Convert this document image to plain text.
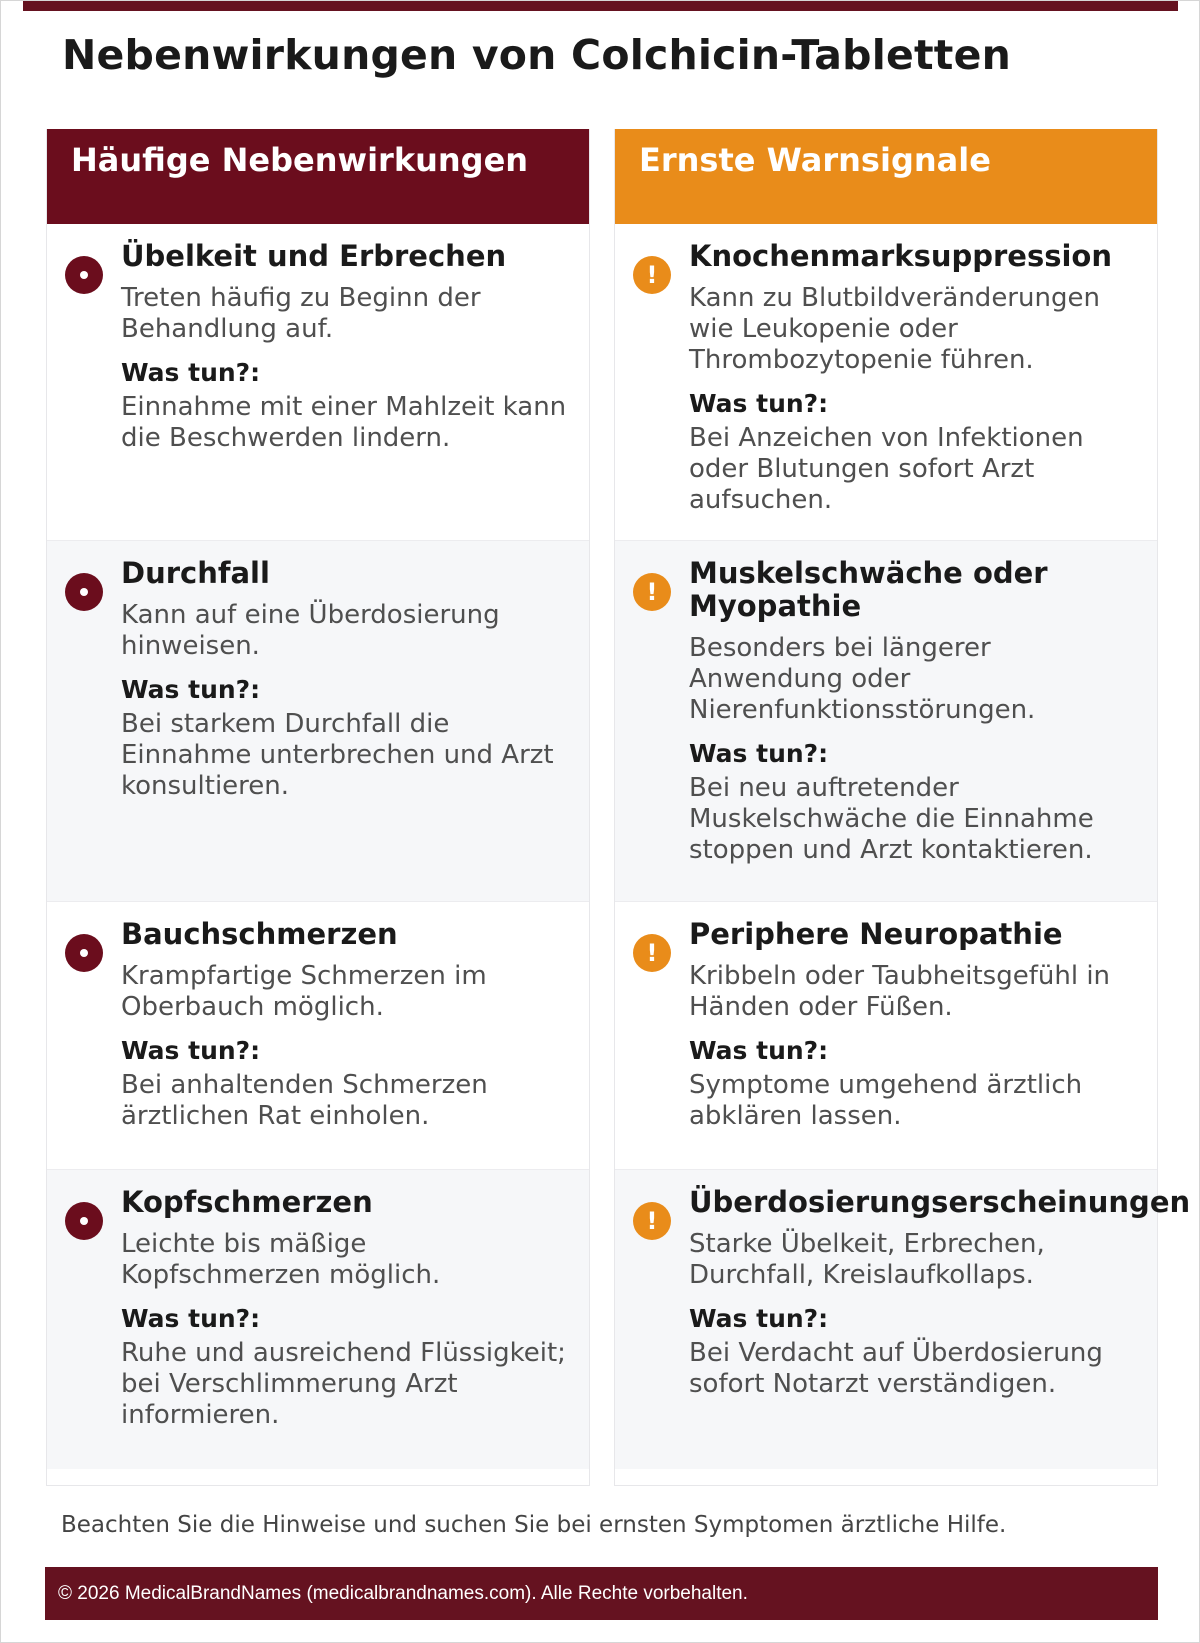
Nebenwirkungen von Colchicin-Tabletten
Häufige Nebenwirkungen
Übelkeit und Erbrechen
Treten häufig zu Beginn der Behandlung auf.
Was tun?:
Einnahme mit einer Mahlzeit kann die Beschwerden lindern.
Durchfall
Kann auf eine Überdosierung hinweisen.
Was tun?:
Bei starkem Durchfall die Einnahme unterbrechen und Arzt konsultieren.
Bauchschmerzen
Krampfartige Schmerzen im Oberbauch möglich.
Was tun?:
Bei anhaltenden Schmerzen ärztlichen Rat einholen.
Kopfschmerzen
Leichte bis mäßige Kopfschmerzen möglich.
Was tun?:
Ruhe und ausreichend Flüssigkeit; bei Verschlimmerung Arzt informieren.
Ernste Warnsignale
!
Knochenmarksuppression
Kann zu Blutbildveränderungen wie Leukopenie oder Thrombozytopenie führen.
Was tun?:
Bei Anzeichen von Infektionen oder Blutungen sofort Arzt aufsuchen.
!
Muskelschwäche oder Myopathie
Besonders bei längerer Anwendung oder Nierenfunktionsstörungen.
Was tun?:
Bei neu auftretender Muskelschwäche die Einnahme stoppen und Arzt kontaktieren.
!
Periphere Neuropathie
Kribbeln oder Taubheitsgefühl in Händen oder Füßen.
Was tun?:
Symptome umgehend ärztlich abklären lassen.
!
Überdosierungserscheinungen
Starke Übelkeit, Erbrechen, Durchfall, Kreislaufkollaps.
Was tun?:
Bei Verdacht auf Überdosierung sofort Notarzt verständigen.
Beachten Sie die Hinweise und suchen Sie bei ernsten Symptomen ärztliche Hilfe.
© 2026 MedicalBrandNames (medicalbrandnames.com). Alle Rechte vorbehalten.
